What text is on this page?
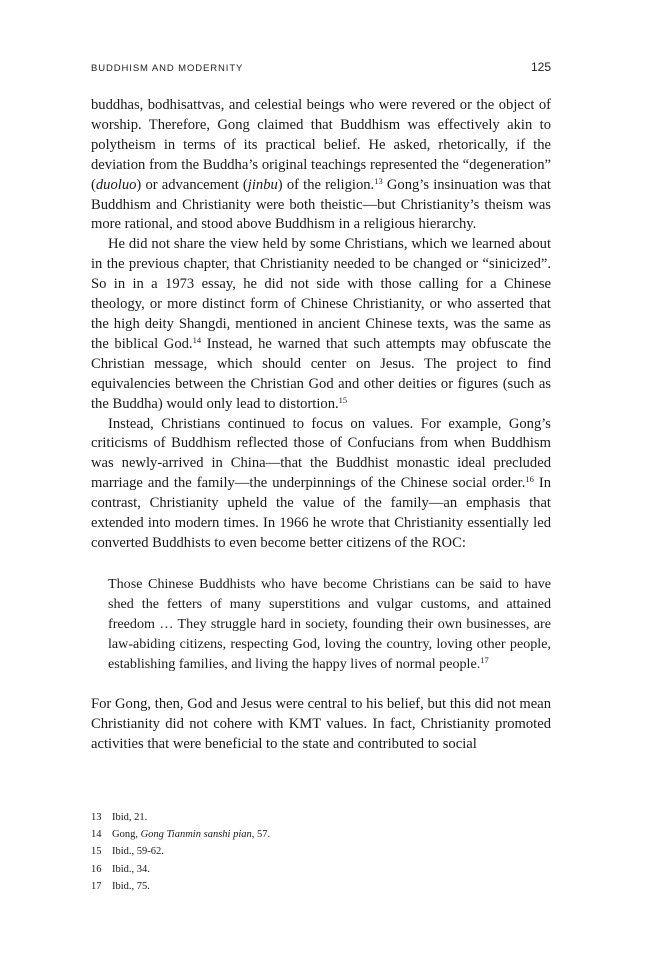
BUDDHISM AND MODERNITY	125

buddhas, bodhisattvas, and celestial beings who were revered or the object of worship. Therefore, Gong claimed that Buddhism was effectively akin to polytheism in terms of its practical belief. He asked, rhetorically, if the deviation from the Buddha’s original teachings represented the “degeneration” (duoluo) or advancement (jinbu) of the religion.$^{13}$ Gong’s insinuation was that Buddhism and Christianity were both theistic—but Christianity’s theism was more rational, and stood above Buddhism in a religious hierarchy.

He did not share the view held by some Christians, which we learned about in the previous chapter, that Christianity needed to be changed or “sinicized”. So in in a 1973 essay, he did not side with those calling for a Chinese theology, or more distinct form of Chinese Christianity, or who asserted that the high deity Shangdi, mentioned in ancient Chinese texts, was the same as the biblical God.$^{14}$ Instead, he warned that such attempts may obfuscate the Christian message, which should center on Jesus. The project to find equivalencies between the Christian God and other deities or figures (such as the Buddha) would only lead to distortion.$^{15}$

Instead, Christians continued to focus on values. For example, Gong’s criticisms of Buddhism reflected those of Confucians from when Buddhism was newly-arrived in China—that the Buddhist monastic ideal precluded marriage and the family—the underpinnings of the Chinese social order.$^{16}$ In contrast, Christianity upheld the value of the family—an emphasis that extended into modern times. In 1966 he wrote that Christianity essentially led converted Buddhists to even become better citizens of the ROC:

Those Chinese Buddhists who have become Christians can be said to have shed the fetters of many superstitions and vulgar customs, and attained freedom … They struggle hard in society, founding their own businesses, are law-abiding citizens, respecting God, loving the country, loving other people, establishing families, and living the happy lives of normal people.$^{17}$

For Gong, then, God and Jesus were central to his belief, but this did not mean Christianity did not cohere with KMT values. In fact, Christianity promoted activities that were beneficial to the state and contributed to social

13	Ibid, 21.
14	Gong, Gong Tianmin sanshi pian, 57.
15	Ibid., 59-62.
16	Ibid., 34.
17	Ibid., 75.
